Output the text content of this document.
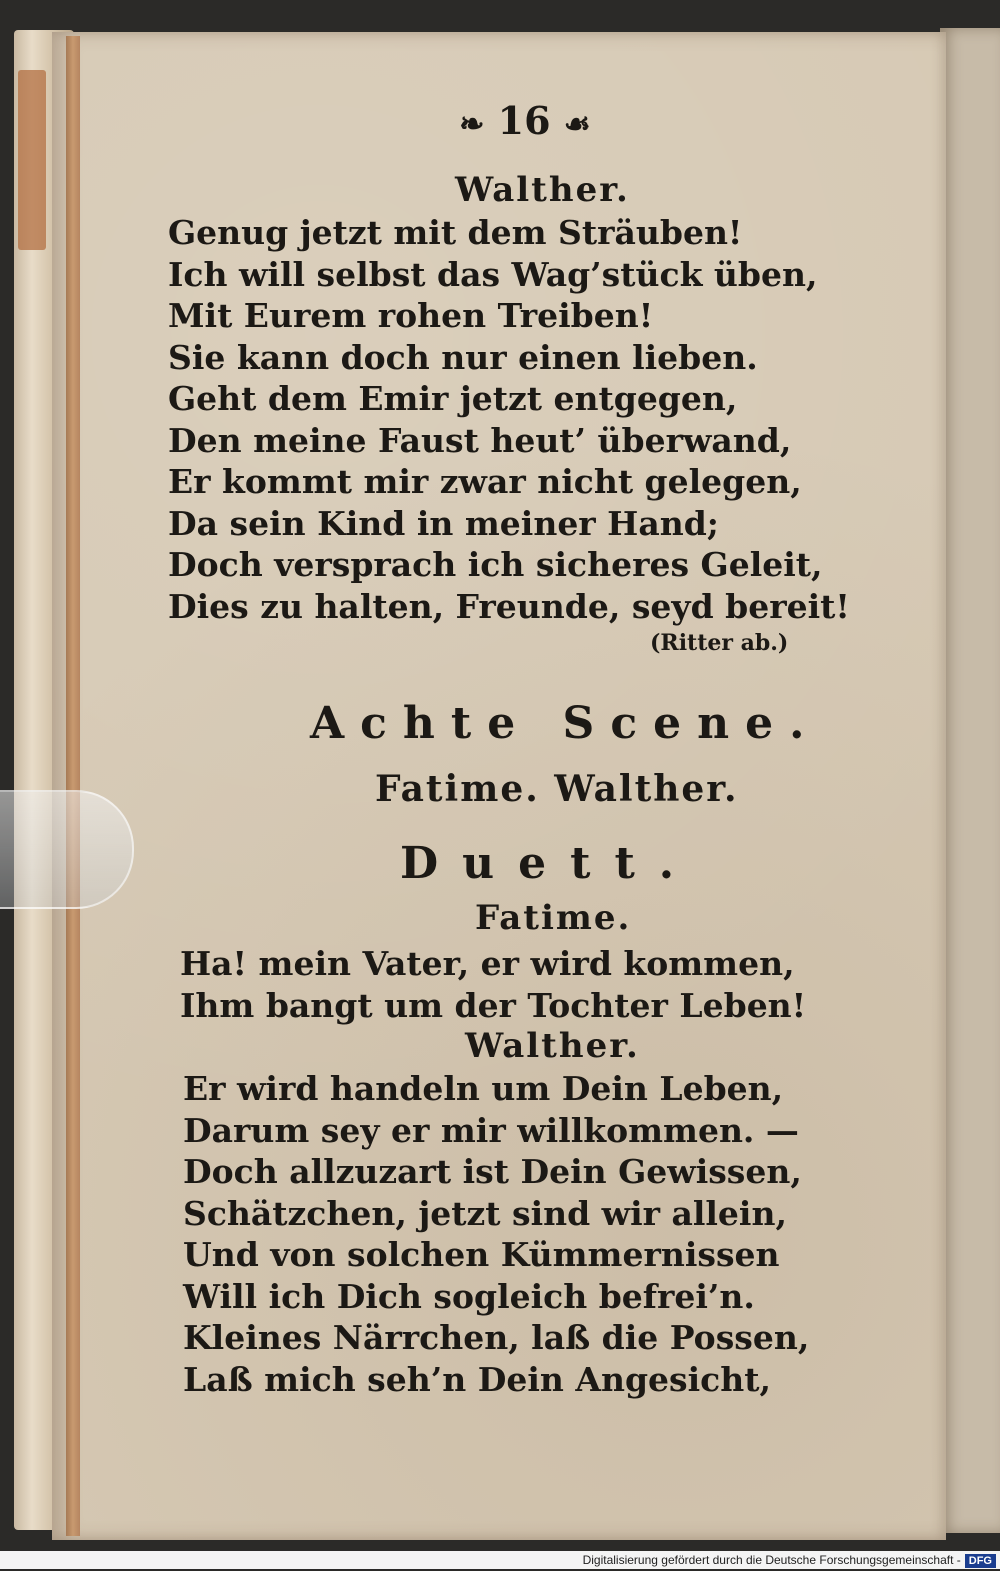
❧ 16 ☙
Walther.
Genug jetzt mit dem Sträuben!
Ich will selbst das Wag’stück üben,
Mit Eurem rohen Treiben!
Sie kann doch nur einen lieben.
Geht dem Emir jetzt entgegen,
Den meine Faust heut’ überwand,
Er kommt mir zwar nicht gelegen,
Da sein Kind in meiner Hand;
Doch versprach ich sicheres Geleit,
Dies zu halten, Freunde, seyd bereit!
(Ritter ab.)
Achte Scene.
Fatime. Walther.
Duett.
Fatime.
Ha! mein Vater, er wird kommen,
Ihm bangt um der Tochter Leben!
Walther.
Er wird handeln um Dein Leben,
Darum sey er mir willkommen. —
Doch allzuzart ist Dein Gewissen,
Schätzchen, jetzt sind wir allein,
Und von solchen Kümmernissen
Will ich Dich sogleich befrei’n.
Kleines Närrchen, laß die Possen,
Laß mich seh’n Dein Angesicht,
Digitalisierung gefördert durch die Deutsche Forschungsgemeinschaft - DFG
